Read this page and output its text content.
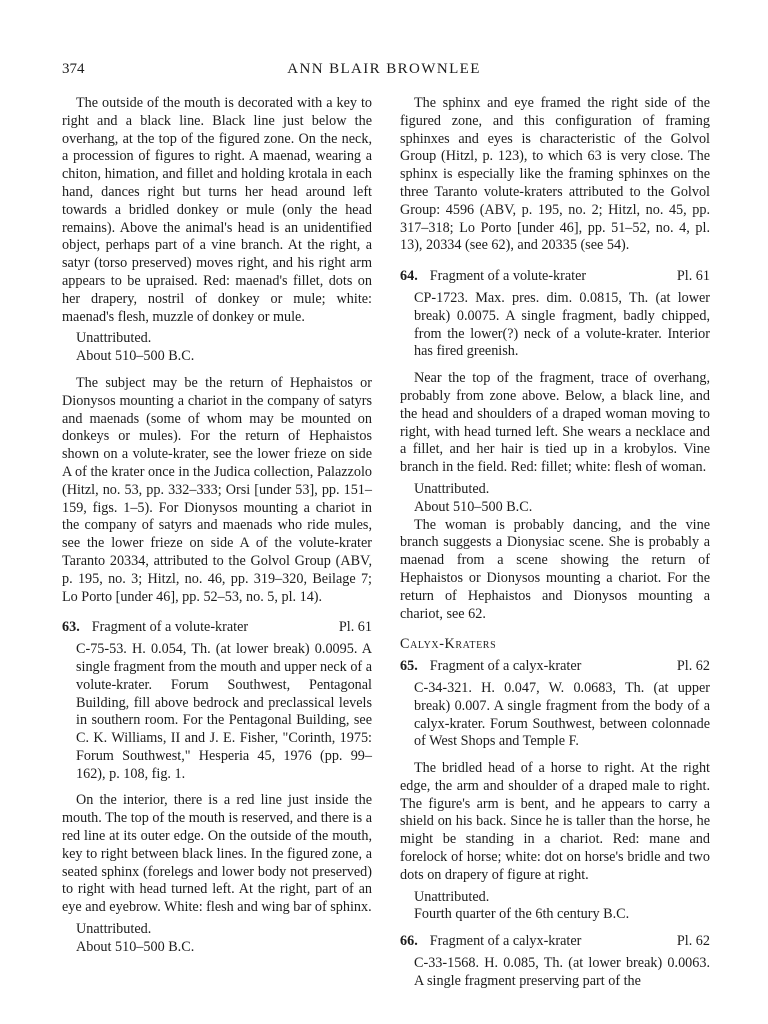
374	ANN BLAIR BROWNLEE

The outside of the mouth is decorated with a key to right and a black line. Black line just below the overhang, at the top of the figured zone. On the neck, a procession of figures to right. A maenad, wearing a chiton, himation, and fillet and holding krotala in each hand, dances right but turns her head around left towards a bridled donkey or mule (only the head remains). Above the animal's head is an unidentified object, perhaps part of a vine branch. At the right, a satyr (torso preserved) moves right, and his right arm appears to be upraised. Red: maenad's fillet, dots on her drapery, nostril of donkey or mule; white: maenad's flesh, muzzle of donkey or mule.

Unattributed.

About 510–500 B.C.

The subject may be the return of Hephaistos or Dionysos mounting a chariot in the company of satyrs and maenads (some of whom may be mounted on donkeys or mules). For the return of Hephaistos shown on a volute-krater, see the lower frieze on side A of the krater once in the Judica collection, Palazzolo (Hitzl, no. 53, pp. 332–333; Orsi [under 53], pp. 151–159, figs. 1–5). For Dionysos mounting a chariot in the company of satyrs and maenads who ride mules, see the lower frieze on side A of the volute-krater Taranto 20334, attributed to the Golvol Group (ABV, p. 195, no. 3; Hitzl, no. 46, pp. 319–320, Beilage 7; Lo Porto [under 46], pp. 52–53, no. 5, pl. 14).

63. Fragment of a volute-krater	Pl. 61

C-75-53. H. 0.054, Th. (at lower break) 0.0095. A single fragment from the mouth and upper neck of a volute-krater. Forum Southwest, Pentagonal Building, fill above bedrock and preclassical levels in southern room. For the Pentagonal Building, see C. K. Williams, II and J. E. Fisher, "Corinth, 1975: Forum Southwest," Hesperia 45, 1976 (pp. 99–162), p. 108, fig. 1.

On the interior, there is a red line just inside the mouth. The top of the mouth is reserved, and there is a red line at its outer edge. On the outside of the mouth, key to right between black lines. In the figured zone, a seated sphinx (forelegs and lower body not preserved) to right with head turned left. At the right, part of an eye and eyebrow. White: flesh and wing bar of sphinx.

Unattributed.

About 510–500 B.C.

The sphinx and eye framed the right side of the figured zone, and this configuration of framing sphinxes and eyes is characteristic of the Golvol Group (Hitzl, p. 123), to which 63 is very close. The sphinx is especially like the framing sphinxes on the three Taranto volute-kraters attributed to the Golvol Group: 4596 (ABV, p. 195, no. 2; Hitzl, no. 45, pp. 317–318; Lo Porto [under 46], pp. 51–52, no. 4, pl. 13), 20334 (see 62), and 20335 (see 54).

64. Fragment of a volute-krater	Pl. 61

CP-1723. Max. pres. dim. 0.0815, Th. (at lower break) 0.0075. A single fragment, badly chipped, from the lower(?) neck of a volute-krater. Interior has fired greenish.

Near the top of the fragment, trace of overhang, probably from zone above. Below, a black line, and the head and shoulders of a draped woman moving to right, with head turned left. She wears a necklace and a fillet, and her hair is tied up in a krobylos. Vine branch in the field. Red: fillet; white: flesh of woman.

Unattributed.

About 510–500 B.C.

The woman is probably dancing, and the vine branch suggests a Dionysiac scene. She is probably a maenad from a scene showing the return of Hephaistos or Dionysos mounting a chariot. For the return of Hephaistos and Dionysos mounting a chariot, see 62.

Calyx-Kraters
65. Fragment of a calyx-krater	Pl. 62

C-34-321. H. 0.047, W. 0.0683, Th. (at upper break) 0.007. A single fragment from the body of a calyx-krater. Forum Southwest, between colonnade of West Shops and Temple F.

The bridled head of a horse to right. At the right edge, the arm and shoulder of a draped male to right. The figure's arm is bent, and he appears to carry a shield on his back. Since he is taller than the horse, he might be standing in a chariot. Red: mane and forelock of horse; white: dot on horse's bridle and two dots on drapery of figure at right.

Unattributed.

Fourth quarter of the 6th century B.C.

66. Fragment of a calyx-krater	Pl. 62

C-33-1568. H. 0.085, Th. (at lower break) 0.0063. A single fragment preserving part of the
